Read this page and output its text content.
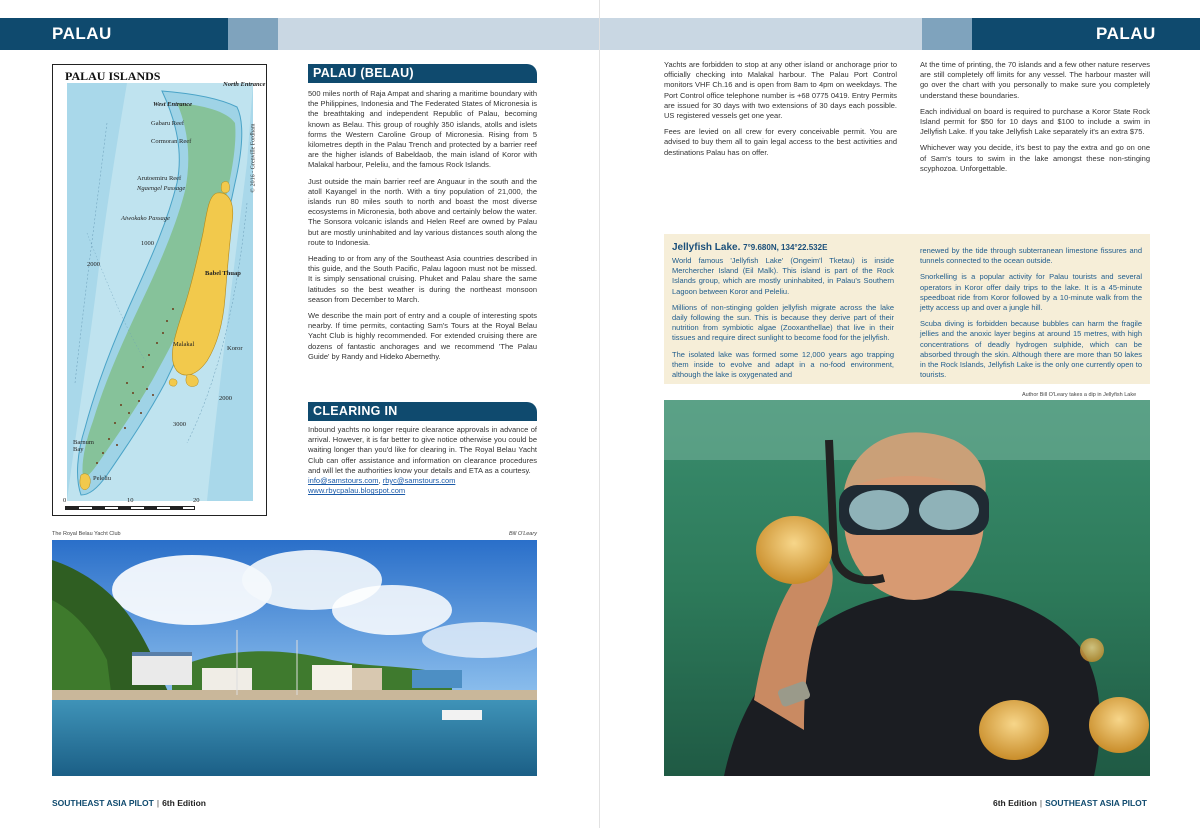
PALAU
PALAU ISLANDS
North Entrance
West Entrance
Gabaru Reef
Cormoran Reef
Arutoemiru Reef
Ngaengel Passage
Aiwokako Passage
Babel Thuap
Malakal
Koror
Barnum Bay
Peleliu
1000
2000
2000
3000
© 2016 - Grenville Fordham
0	10	20
PALAU (BELAU)

500 miles north of Raja Ampat and sharing a maritime boundary with the Philippines, Indonesia and The Federated States of Micronesia is the breathtaking and independent Republic of Palau, becoming known as Belau. This group of roughly 350 islands, atolls and islets forms the Western Caroline Group of Micronesia. Rising from 5 kilometres depth in the Palau Trench and protected by a barrier reef are the higher islands of Babeldaob, the main island of Koror with Malakal harbour, Peleliu, and the famous Rock Islands.

Just outside the main barrier reef are Anguaur in the south and the atoll Kayangel in the north. With a tiny population of 21,000, the islands run 80 miles south to north and boast the most diverse ecosystems in Micronesia, both above and certainly below the water. The Sonsora volcanic islands and Helen Reef are owned by Palau but are mostly uninhabited and lay various distances south along the route to Indonesia.

Heading to or from any of the Southeast Asia countries described in this guide, and the South Pacific, Palau lagoon must not be missed. It is simply sensational cruising. Phuket and Palau share the same latitudes so the best weather is during the northeast monsoon season from December to March.

We describe the main port of entry and a couple of interesting spots nearby. If time permits, contacting Sam's Tours at the Royal Belau Yacht Club is highly recommended. For extended cruising there are dozens of fantastic anchorages and we recommend 'The Palau Guide' by Randy and Hideko Abernethy.

CLEARING IN

Inbound yachts no longer require clearance approvals in advance of arrival. However, it is far better to give notice otherwise you could be waiting longer than you'd like for clearing in. The Royal Belau Yacht Club can offer assistance and information on clearance procedures and will let the authorities know your details and ETA as a courtesy.

info@samstours.com, rbyc@samstours.com
www.rbycpalau.blogspot.com
The Royal Belau Yacht Club	Bill O'Leary
SOUTHEAST ASIA PILOT | 6th Edition
PALAU

Yachts are forbidden to stop at any other island or anchorage prior to officially checking into Malakal harbour. The Palau Port Control monitors VHF Ch.16 and is open from 8am to 4pm on weekdays. The Port Control office telephone number is +68 0775 0419. Entry Permits are issued for 30 days with two extensions of 30 days each possible. US registered vessels get one year.

Fees are levied on all crew for every conceivable permit. You are advised to buy them all to gain legal access to the best activities and destinations Palau has on offer.

At the time of printing, the 70 islands and a few other nature reserves are still completely off limits for any vessel. The harbour master will go over the chart with you personally to make sure you completely understand these boundaries.

Each individual on board is required to purchase a Koror State Rock Island permit for $50 for 10 days and $100 to include a swim in Jellyfish Lake. If you take Jellyfish Lake separately it's an extra $75.

Whichever way you decide, it's best to pay the extra and go on one of Sam's tours to swim in the lake amongst these non-stinging scyphozoa. Unforgettable.

Jellyfish Lake. 7°9.680N, 134°22.532E

World famous 'Jellyfish Lake' (Ongeim'l Tketau) is inside Merchercher Island (Eil Malk). This island is part of the Rock Islands group, which are mostly uninhabited, in Palau's Southern Lagoon between Koror and Peleliu.

Millions of non-stinging golden jellyfish migrate across the lake daily following the sun. This is because they derive part of their nutrition from symbiotic algae (Zooxanthellae) that live in their tissues and require direct sunlight to become food for the jellyfish.

The isolated lake was formed some 12,000 years ago trapping them inside to evolve and adapt in a no-food environment, although the lake is oxygenated and

renewed by the tide through subterranean limestone fissures and tunnels connected to the ocean outside.

Snorkelling is a popular activity for Palau tourists and several operators in Koror offer daily trips to the lake. It is a 45-minute speedboat ride from Koror followed by a 10-minute walk from the jetty access up and over a jungle hill.

Scuba diving is forbidden because bubbles can harm the fragile jellies and the anoxic layer begins at around 15 metres, with high concentrations of deadly hydrogen sulphide, which can be absorbed through the skin. Although there are more than 50 lakes in the Rock Islands, Jellyfish Lake is the only one currently open to tourists.

Author Bill O'Leary takes a dip in Jellyfish Lake
6th Edition | SOUTHEAST ASIA PILOT
